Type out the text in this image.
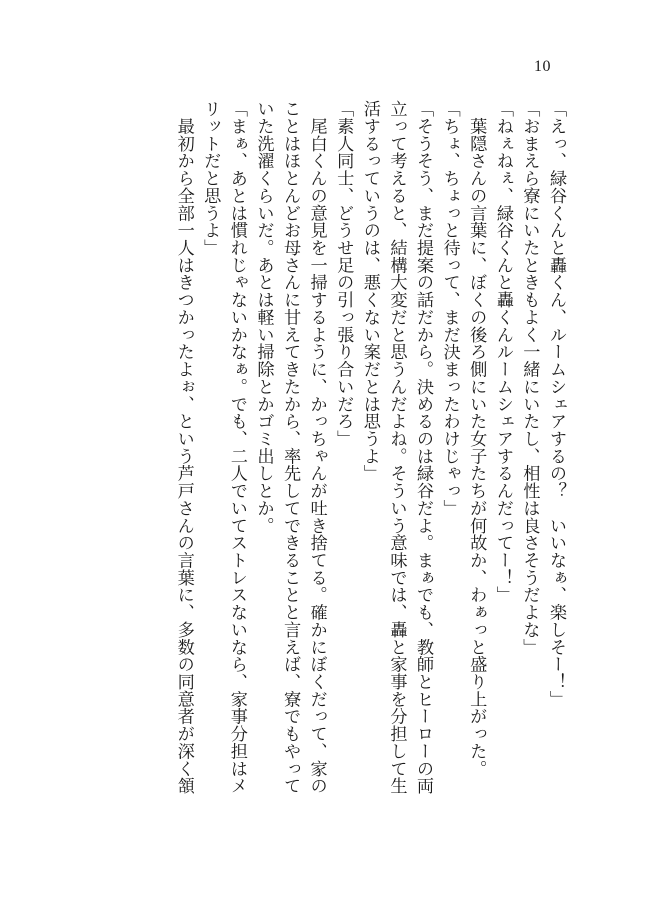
10

「えっ、緑谷くんと轟くん、ルームシェアするの？　いいなぁ、楽しそー！」

「おまえら寮にいたときもよく一緒にいたし、相性は良さそうだよな」

「ねぇねぇ、緑谷くんと轟くんルームシェアするんだってー！」

　葉隠さんの言葉に、ぼくの後ろ側にいた女子たちが何故か、わぁっと盛り上がった。

「ちょ、ちょっと待って、まだ決まったわけじゃっ」

「そうそう、まだ提案の話だから。決めるのは緑谷だよ。まぁでも、教師とヒーローの両

立って考えると、結構大変だと思うんだよね。そういう意味では、轟と家事を分担して生

活するっていうのは、悪くない案だとは思うよ」

「素人同士、どうせ足の引っ張り合いだろ」

　尾白くんの意見を一掃するように、かっちゃんが吐き捨てる。確かにぼくだって、家の

ことはほとんどお母さんに甘えてきたから、率先してできることと言えば、寮でもやって

いた洗濯くらいだ。あとは軽い掃除とかゴミ出しとか。

「まぁ、あとは慣れじゃないかなぁ。でも、二人でいてストレスないなら、家事分担はメ

リットだと思うよ」

　最初から全部一人はきつかったよぉ、という芦戸さんの言葉に、多数の同意者が深く頷
